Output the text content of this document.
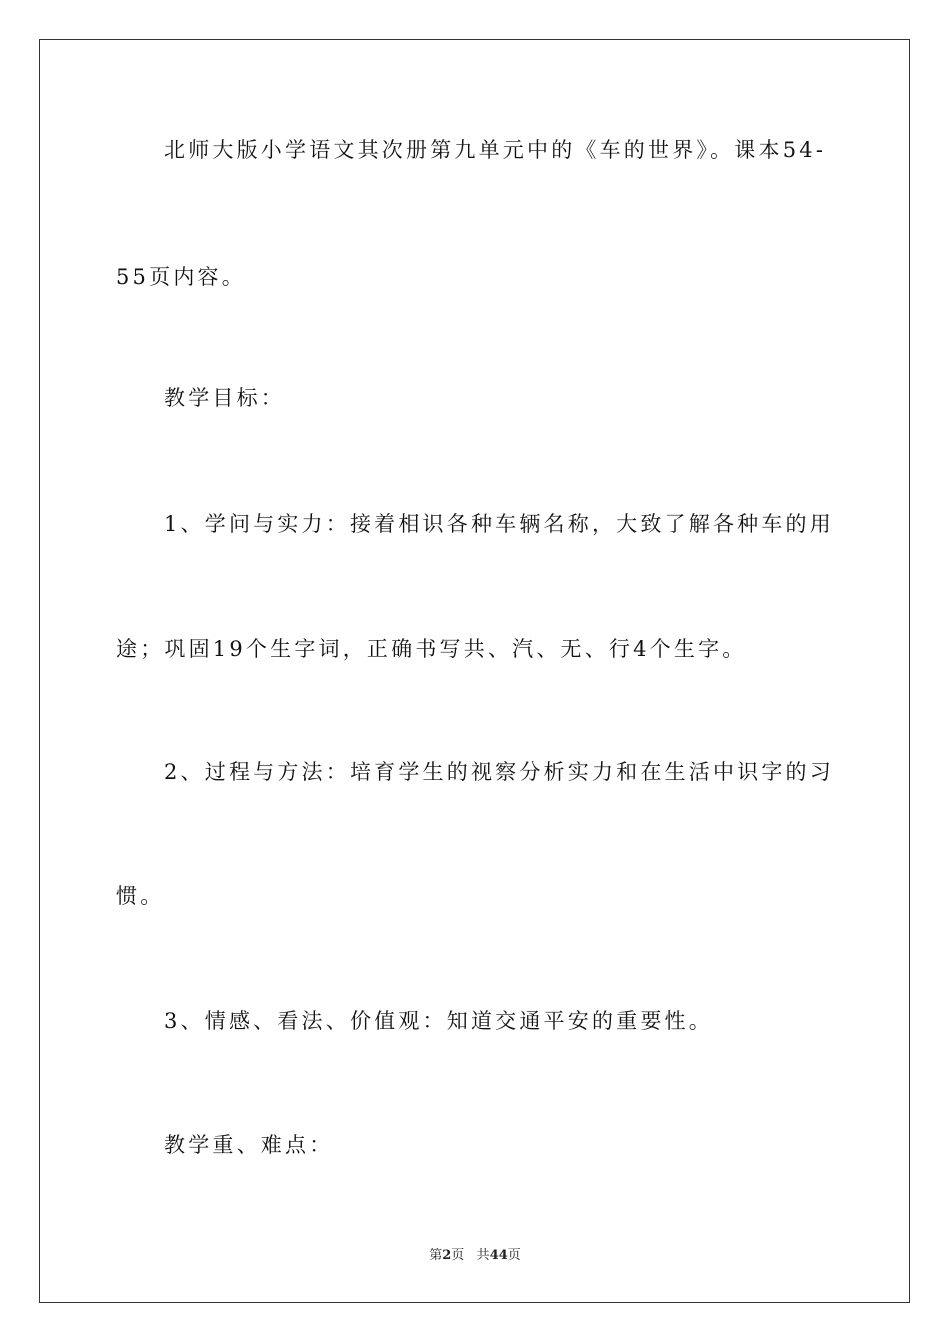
北师大版小学语文其次册第九单元中的《车的世界》。课本54-
55页内容。
教学目标：
1、学问与实力：接着相识各种车辆名称，大致了解各种车的用
途；巩固19个生字词，正确书写共、汽、无、行4个生字。
2、过程与方法：培育学生的视察分析实力和在生活中识字的习
惯。
3、情感、看法、价值观：知道交通平安的重要性。
教学重、难点：
第2页 共44页
